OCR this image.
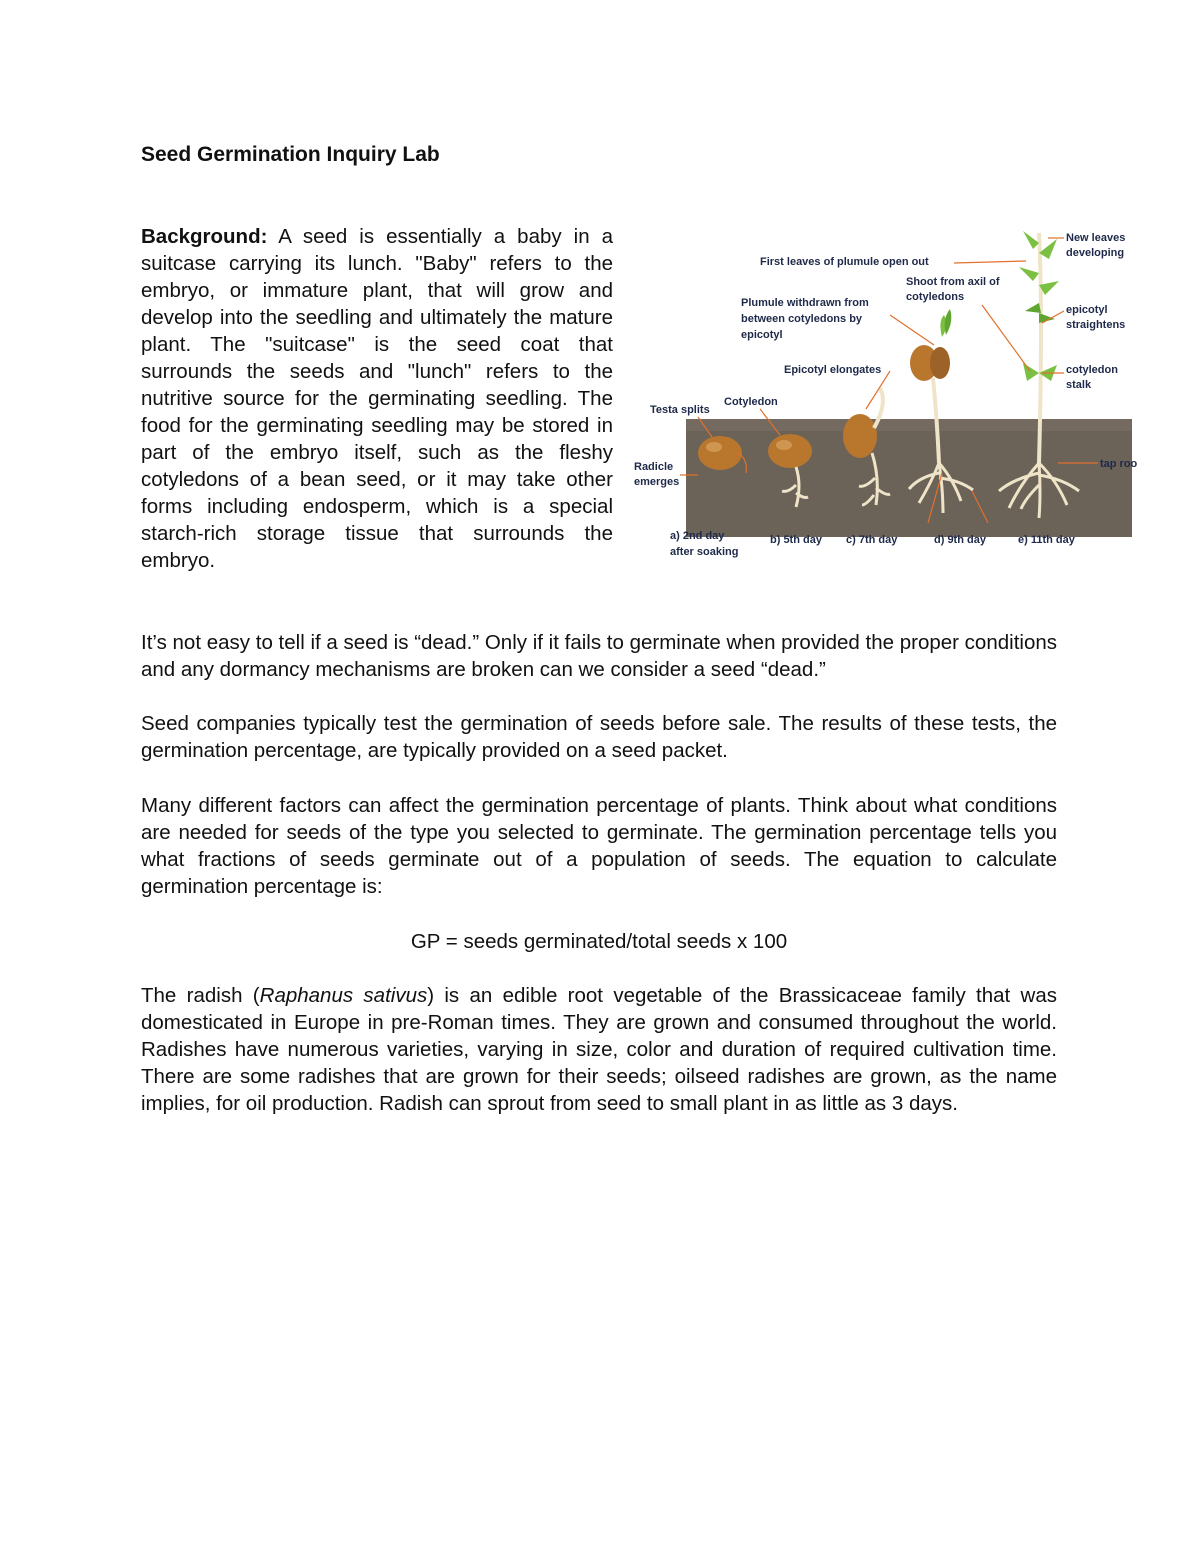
Seed Germination Inquiry Lab
Background: A seed is essentially a baby in a suitcase carrying its lunch. "Baby" refers to the embryo, or immature plant, that will grow and develop into the seedling and ultimately the mature plant. The "suitcase" is the seed coat that surrounds the seeds and "lunch" refers to the nutritive source for the germinating seedling. The food for the germinating seedling may be stored in part of the embryo itself, such as the fleshy cotyledons of a bean seed, or it may take other forms including endosperm, which is a special starch-rich storage tissue that surrounds the embryo.
New leaves
developing
First leaves of plumule open out
Shoot from axil of
cotyledons
Plumule withdrawn from
between cotyledons by
epicotyl
epicotyl
straightens
Epicotyl elongates	cotyledon
stalk
Cotyledon
Testa splits
Radicle
emerges
tap roo
a) 2nd day
after soaking
b) 5th day c) 7th day	d) 9th day	e) 11th day
It’s not easy to tell if a seed is “dead.” Only if it fails to germinate when provided the proper conditions and any dormancy mechanisms are broken can we consider a seed “dead.”
Seed companies typically test the germination of seeds before sale. The results of these tests, the germination percentage, are typically provided on a seed packet.
Many different factors can affect the germination percentage of plants. Think about what conditions are needed for seeds of the type you selected to germinate. The germination percentage tells you what fractions of seeds germinate out of a population of seeds. The equation to calculate germination percentage is:
GP = seeds germinated/total seeds x 100
The radish (Raphanus sativus) is an edible root vegetable of the Brassicaceae family that was domesticated in Europe in pre-Roman times. They are grown and consumed throughout the world. Radishes have numerous varieties, varying in size, color and duration of required cultivation time. There are some radishes that are grown for their seeds; oilseed radishes are grown, as the name implies, for oil production. Radish can sprout from seed to small plant in as little as 3 days.
